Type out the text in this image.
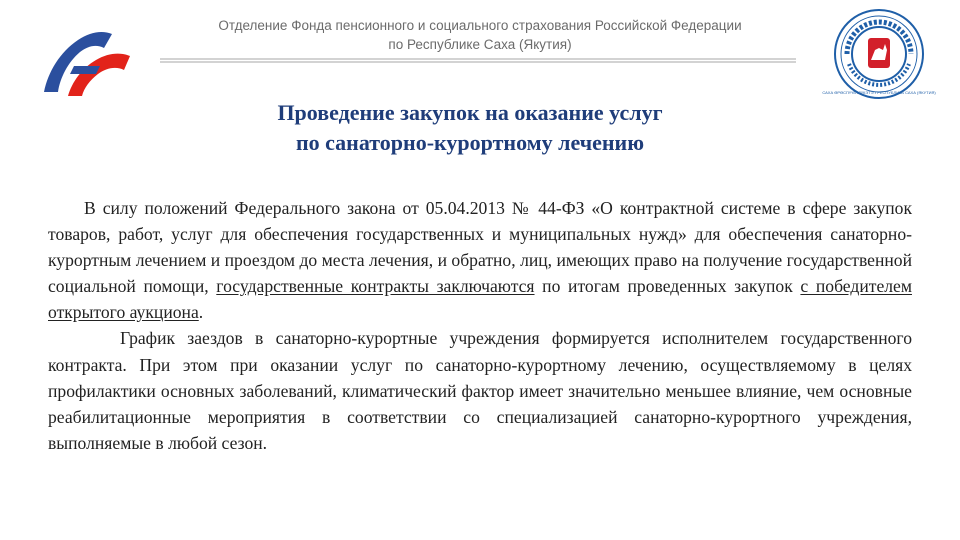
Отделение Фонда пенсионного и социального страхования Российской Федерации
по Республике Саха (Якутия)
САХА ӨРӨСПҮҮБҮЛҮКЭТЭ • РЕСПУБЛИКА САХА (ЯКУТИЯ)
Проведение закупок на оказание услуг
по санаторно-курортному лечению

В силу положений Федерального закона от 05.04.2013 № 44-ФЗ «О контрактной системе в сфере закупок товаров, работ, услуг для обеспечения государственных и муниципальных нужд» для обеспечения санаторно-курортным лечением и проездом до места лечения, и обратно, лиц, имеющих право на получение государственной социальной помощи, государственные контракты заключаются по итогам проведенных закупок с победителем открытого аукциона.

График заездов в санаторно-курортные учреждения формируется исполнителем государственного контракта. При этом при оказании услуг по санаторно-курортному лечению, осуществляемому в целях профилактики основных заболеваний, климатический фактор имеет значительно меньшее влияние, чем основные реабилитационные мероприятия в соответствии со специализацией санаторно-курортного учреждения, выполняемые в любой сезон.
